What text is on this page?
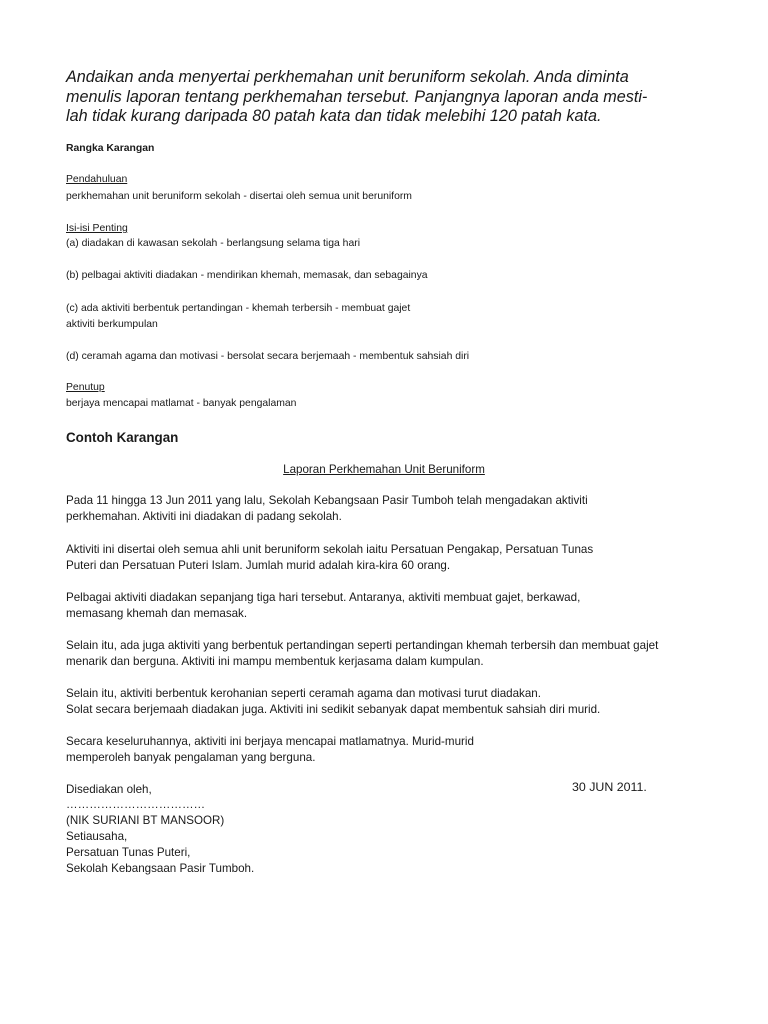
Andaikan anda menyertai perkhemahan unit beruniform sekolah. Anda diminta
menulis laporan tentang perkhemahan tersebut. Panjangnya laporan anda mesti-
lah tidak kurang daripada 80 patah kata dan tidak melebihi 120 patah kata.
Rangka Karangan
Pendahuluan
perkhemahan unit beruniform sekolah - disertai oleh semua unit beruniform
Isi-isi Penting
(a) diadakan di kawasan sekolah - berlangsung selama tiga hari
(b) pelbagai aktiviti diadakan - mendirikan khemah, memasak, dan sebagainya
(c) ada aktiviti berbentuk pertandingan - khemah terbersih - membuat gajet
aktiviti berkumpulan
(d) ceramah agama dan motivasi - bersolat secara berjemaah - membentuk sahsiah diri
Penutup
berjaya mencapai matlamat - banyak pengalaman
Contoh Karangan
Laporan Perkhemahan Unit Beruniform
Pada 11 hingga 13 Jun 2011 yang lalu, Sekolah Kebangsaan Pasir Tumboh telah mengadakan aktiviti
perkhemahan. Aktiviti ini diadakan di padang sekolah.
Aktiviti ini disertai oleh semua ahli unit beruniform sekolah iaitu Persatuan Pengakap, Persatuan Tunas
Puteri dan Persatuan Puteri Islam. Jumlah murid adalah kira-kira 60 orang.
Pelbagai aktiviti diadakan sepanjang tiga hari tersebut. Antaranya, aktiviti membuat gajet, berkawad,
memasang khemah dan memasak.
Selain itu, ada juga aktiviti yang berbentuk pertandingan seperti pertandingan khemah terbersih dan membuat gajet
menarik dan berguna. Aktiviti ini mampu membentuk kerjasama dalam kumpulan.
Selain itu, aktiviti berbentuk kerohanian seperti ceramah agama dan motivasi turut diadakan.
Solat secara berjemaah diadakan juga. Aktiviti ini sedikit sebanyak dapat membentuk sahsiah diri murid.
Secara keseluruhannya, aktiviti ini berjaya mencapai matlamatnya. Murid-murid
memperoleh banyak pengalaman yang berguna.
Disediakan oleh,	30 JUN 2011.
………………………………
(NIK SURIANI BT MANSOOR)
Setiausaha,
Persatuan Tunas Puteri,
Sekolah Kebangsaan Pasir Tumboh.
